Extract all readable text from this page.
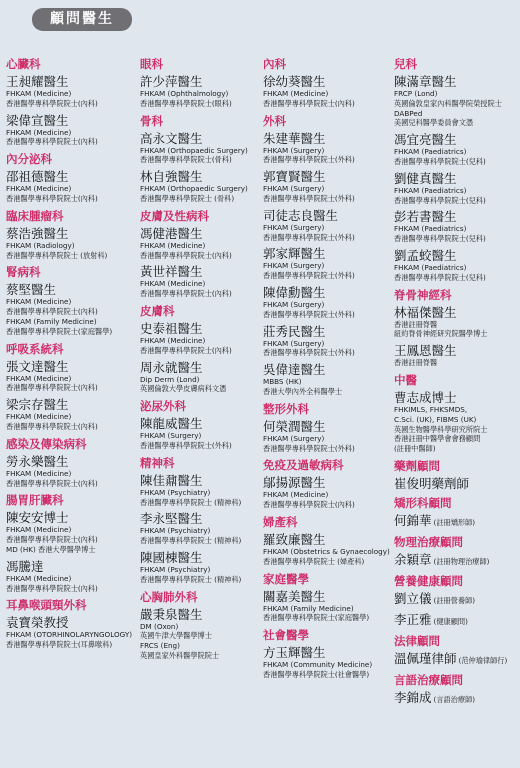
顧問醫生
心臟科
王昶耀醫生
FHKAM (Medicine)
香港醫學專科學院院士(內科)
梁偉宣醫生
FHKAM (Medicine)
香港醫學專科學院院士(內科)
內分泌科
邵祖德醫生
FHKAM (Medicine)
香港醫學專科學院院士(內科)
臨床腫瘤科
蔡浩強醫生
FHKAM (Radiology)
香港醫學專科學院院士 (放射科)
腎病科
蔡堅醫生
FHKAM (Medicine)
香港醫學專科學院院士(內科)
FHKAM (Family Medicine)
香港醫學專科學院院士(家庭醫學)
呼吸系統科
張文達醫生
FHKAM (Medicine)
香港醫學專科學院院士(內科)
梁宗存醫生
FHKAM (Medicine)
香港醫學專科學院院士(內科)
感染及傳染病科
勞永樂醫生
FHKAM (Medicine)
香港醫學專科學院院士(內科)
腸胃肝臟科
陳安安博士
FHKAM (Medicine)
香港醫學專科學院院士(內科)
MD (HK) 香港大學醫學博士
馮騰達
FHKAM (Medicine)
香港醫學專科學院院士(內科)
耳鼻喉頭頸外科
袁寶榮教授
FHKAM (OTORHINOLARYNGOLOGY)
香港醫學專科學院院士(耳鼻喉科)
眼科
許少萍醫生
FHKAM (Ophthalmology)
香港醫學專科學院院士(眼科)
骨科
高永文醫生
FHKAM (Orthopaedic Surgery)
香港醫學專科學院院士(骨科)
林自強醫生
FHKAM (Orthopaedic Surgery)
香港醫學專科學院院士 (骨科)
皮膚及性病科
馮健港醫生
FHKAM (Medicine)
香港醫學專科學院院士(內科)
黃世祥醫生
FHKAM (Medicine)
香港醫學專科學院院士(內科)
皮膚科
史泰祖醫生
FHKAM (Medicine)
香港醫學專科學院院士(內科)
周永就醫生
Dip Derm (Lond)
英國倫敦大學皮膚病科文憑
泌尿外科
陳龍威醫生
FHKAM (Surgery)
香港醫學專科學院院士(外科)
精神科
陳佳鼐醫生
FHKAM (Psychiatry)
香港醫學專科學院院士 (精神科)
李永堅醫生
FHKAM (Psychiatry)
香港醫學專科學院院士 (精神科)
陳國棟醫生
FHKAM (Psychiatry)
香港醫學專科學院院士 (精神科)
心胸肺外科
嚴秉泉醫生
DM (Oxon)
英國牛津大學醫學博士
FRCS (Eng)
英國皇家外科醫學院院士
內科
徐幼葵醫生
FHKAM (Medicine)
香港醫學專科學院院士(內科)
外科
朱建華醫生
FHKAM (Surgery)
香港醫學專科學院院士(外科)
郭寶賢醫生
FHKAM (Surgery)
香港醫學專科學院院士(外科)
司徒志良醫生
FHKAM (Surgery)
香港醫學專科學院院士(外科)
郭家輝醫生
FHKAM (Surgery)
香港醫學專科學院院士(外科)
陳偉勳醫生
FHKAM (Surgery)
香港醫學專科學院院士(外科)
莊秀民醫生
FHKAM (Surgery)
香港醫學專科學院院士(外科)
吳偉達醫生
MBBS (HK)
香港大學內外全科醫學士
整形外科
何榮潤醫生
FHKAM (Surgery)
香港醫學專科學院院士(外科)
免疫及過敏病科
鄔揚源醫生
FHKAM (Medicine)
香港醫學專科學院院士(內科)
婦產科
羅致廉醫生
FHKAM (Obstetrics & Gynaecology)
香港醫學專科學院院士 (婦產科)
家庭醫學
關嘉美醫生
FHKAM (Family Medicine)
香港醫學專科學院院士(家庭醫學)
社會醫學
方玉輝醫生
FHKAM (Community Medicine)
香港醫學專科學院院士(社會醫學)
兒科
陳滿章醫生
FRCP (Lond)
英國倫敦皇家內科醫學院榮授院士
DABPed
美國兒科醫學委員會文憑
馮宜亮醫生
FHKAM (Paediatrics)
香港醫學專科學院院士(兒科)
劉健真醫生
FHKAM (Paediatrics)
香港醫學專科學院院士(兒科)
彭若書醫生
FHKAM (Paediatrics)
香港醫學專科學院院士(兒科)
劉孟蛟醫生
FHKAM (Paediatrics)
香港醫學專科學院院士(兒科)
脊骨神經科
林福傑醫生
香港註冊脊醫
紐約脊骨神經研究院醫學博士
王鳳恩醫生
香港註冊脊醫
中醫
曹志成博士
FHKIMLS, FHKSMDS,
C.Sci. (UK), FIBMS (UK)
英國生物醫學科學研究所院士
香港註冊中醫學會會務顧問
(註冊中醫師)
藥劑顧問
崔俊明藥劑師
矯形科顧問
何錦華 (註冊矯形師)
物理治療顧問
余穎章 (註冊物理治療師)
營養健康顧問
劉立儀 (註冊營養師)
李正雅 (健康顧問)
法律顧問
溫佩瑾律師 (范仲瑜律師行)
言語治療顧問
李錦成 (言語治療師)
